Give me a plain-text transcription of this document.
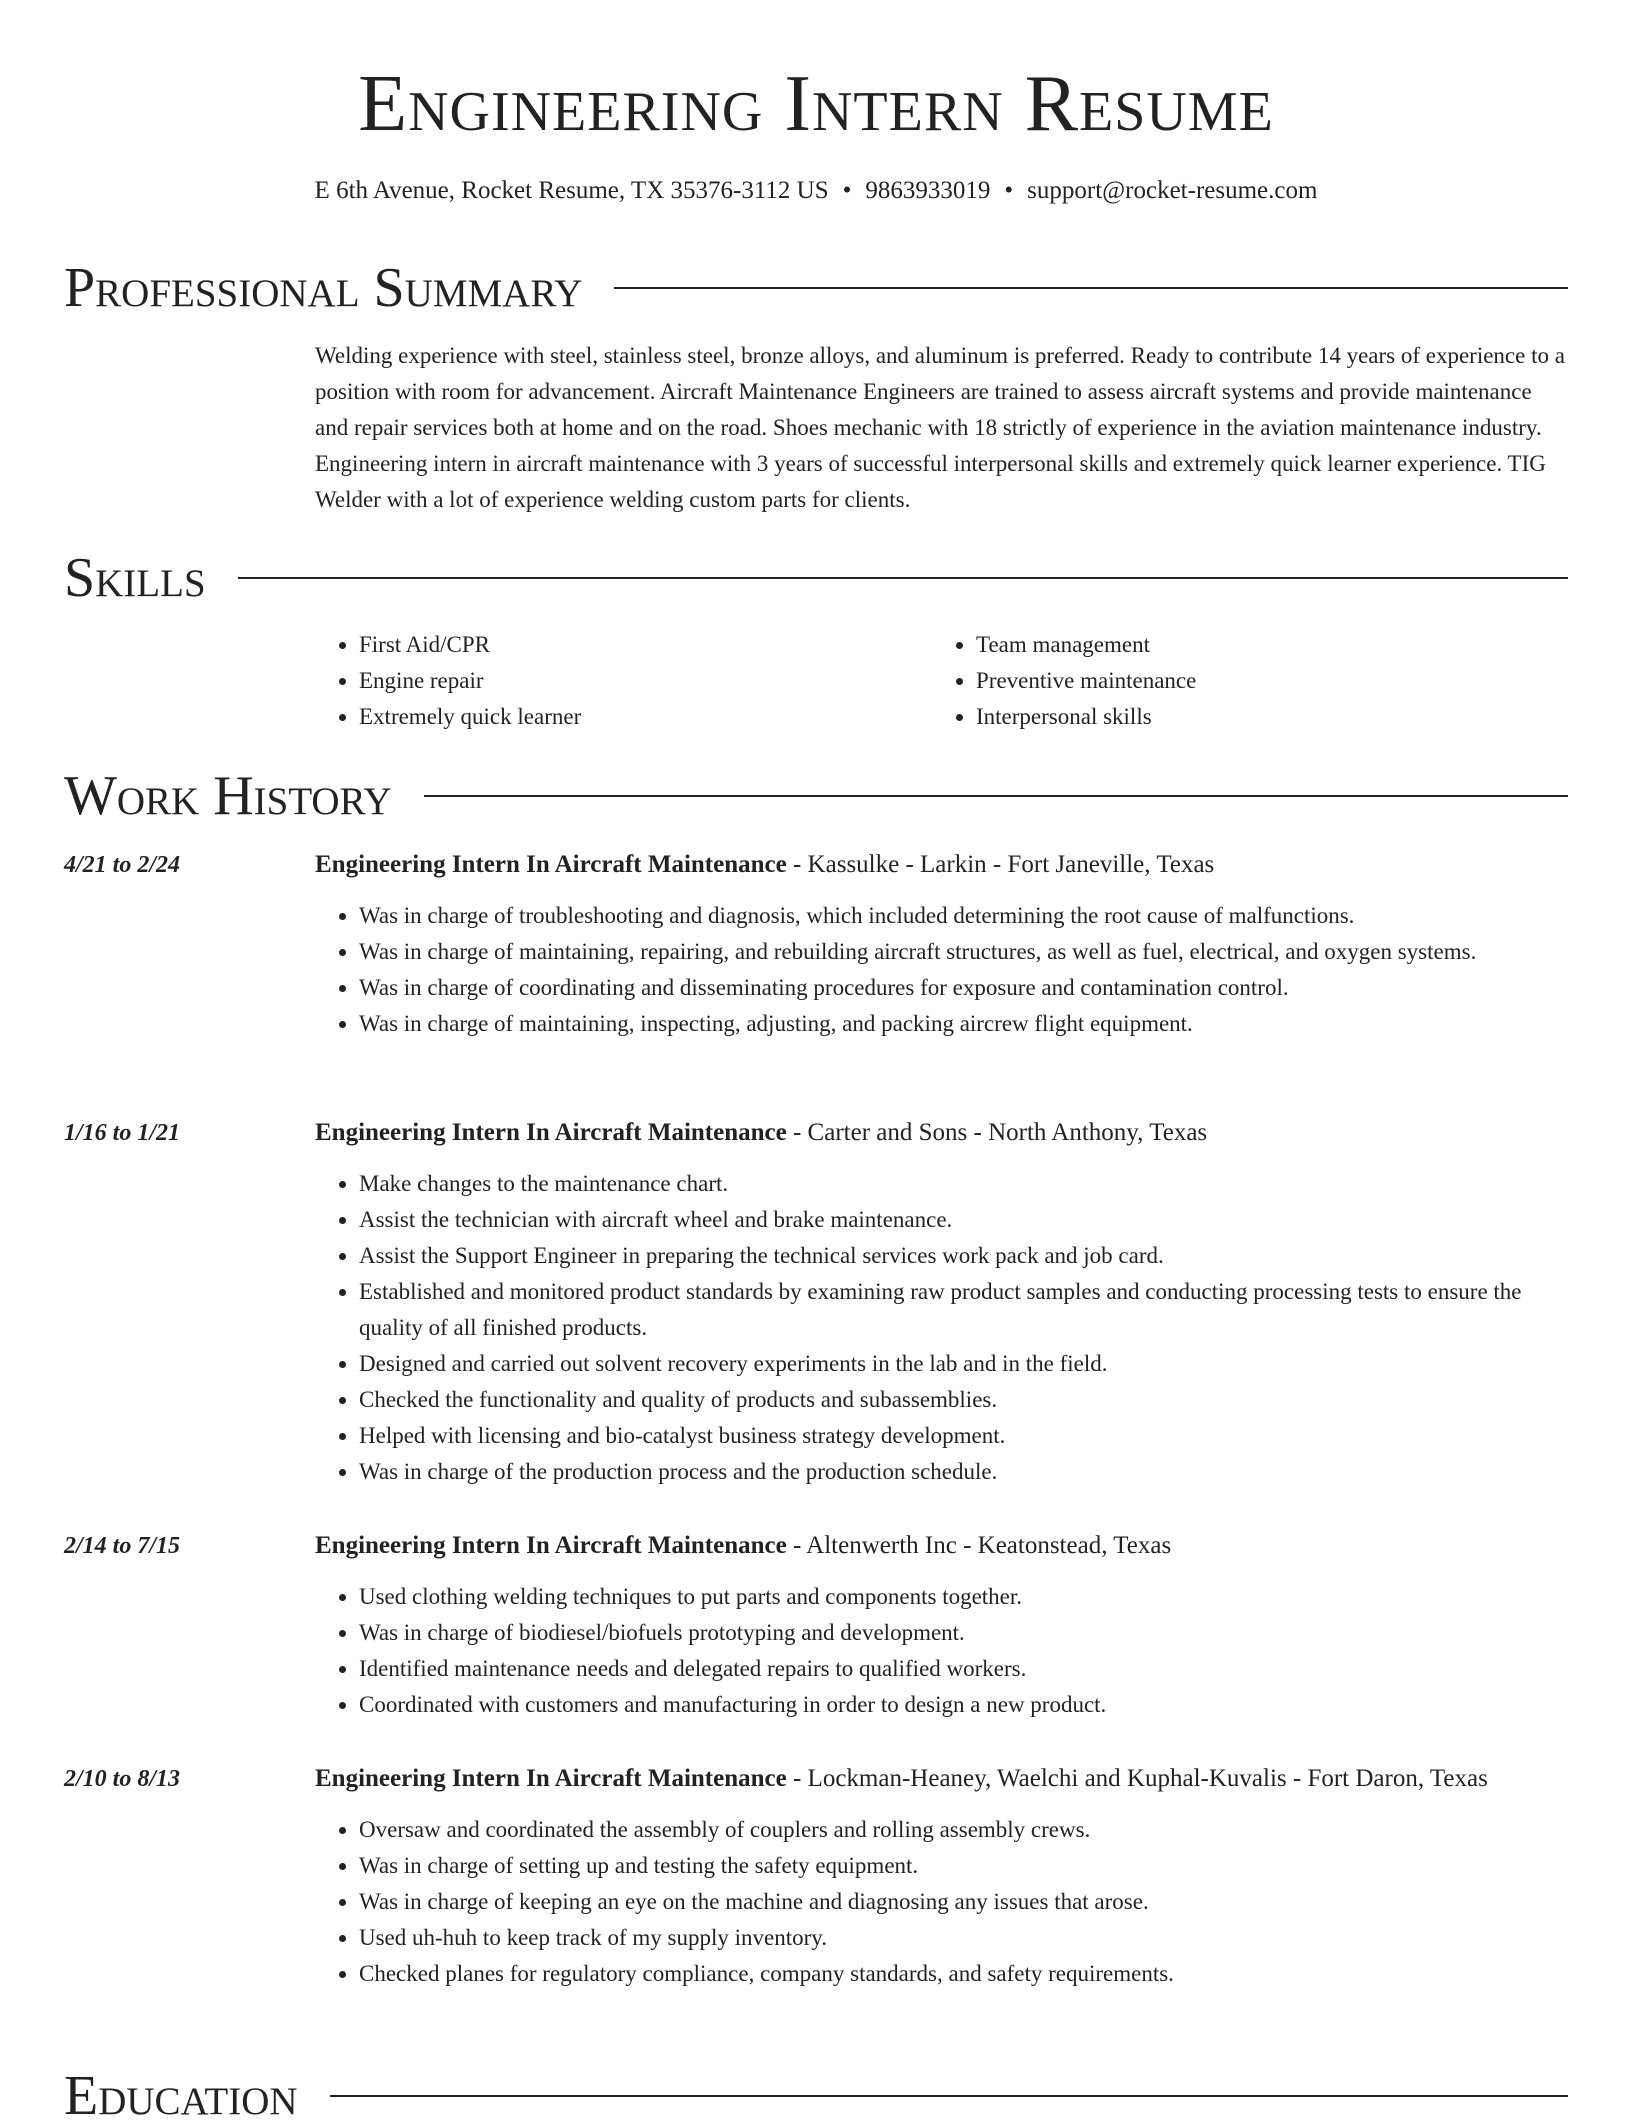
Engineering Intern Resume
E 6th Avenue, Rocket Resume, TX 35376-3112 US • 9863933019 • support@rocket-resume.com
Professional Summary

Welding experience with steel, stainless steel, bronze alloys, and aluminum is preferred. Ready to contribute 14 years of experience to a position with room for advancement. Aircraft Maintenance Engineers are trained to assess aircraft systems and provide maintenance and repair services both at home and on the road. Shoes mechanic with 18 strictly of experience in the aviation maintenance industry. Engineering intern in aircraft maintenance with 3 years of successful interpersonal skills and extremely quick learner experience. TIG Welder with a lot of experience welding custom parts for clients.

Skills
• First Aid/CPR
• Engine repair
• Extremely quick learner
• Team management
• Preventive maintenance
• Interpersonal skills
Work History
4/21 to 2/24	Engineering Intern In Aircraft Maintenance - Kassulke - Larkin - Fort Janeville, Texas

• Was in charge of troubleshooting and diagnosis, which included determining the root cause of malfunctions.
• Was in charge of maintaining, repairing, and rebuilding aircraft structures, as well as fuel, electrical, and oxygen systems.
• Was in charge of coordinating and disseminating procedures for exposure and contamination control.
• Was in charge of maintaining, inspecting, adjusting, and packing aircrew flight equipment.
1/16 to 1/21	Engineering Intern In Aircraft Maintenance - Carter and Sons - North Anthony, Texas

• Make changes to the maintenance chart.
• Assist the technician with aircraft wheel and brake maintenance.
• Assist the Support Engineer in preparing the technical services work pack and job card.
• Established and monitored product standards by examining raw product samples and conducting processing tests to ensure the quality of all finished products.
• Designed and carried out solvent recovery experiments in the lab and in the field.
• Checked the functionality and quality of products and subassemblies.
• Helped with licensing and bio-catalyst business strategy development.
• Was in charge of the production process and the production schedule.
2/14 to 7/15	Engineering Intern In Aircraft Maintenance - Altenwerth Inc - Keatonstead, Texas

• Used clothing welding techniques to put parts and components together.
• Was in charge of biodiesel/biofuels prototyping and development.
• Identified maintenance needs and delegated repairs to qualified workers.
• Coordinated with customers and manufacturing in order to design a new product.
2/10 to 8/13	Engineering Intern In Aircraft Maintenance - Lockman-Heaney, Waelchi and Kuphal-Kuvalis - Fort Daron, Texas

• Oversaw and coordinated the assembly of couplers and rolling assembly crews.
• Was in charge of setting up and testing the safety equipment.
• Was in charge of keeping an eye on the machine and diagnosing any issues that arose.
• Used uh-huh to keep track of my supply inventory.
• Checked planes for regulatory compliance, company standards, and safety requirements.
Education
